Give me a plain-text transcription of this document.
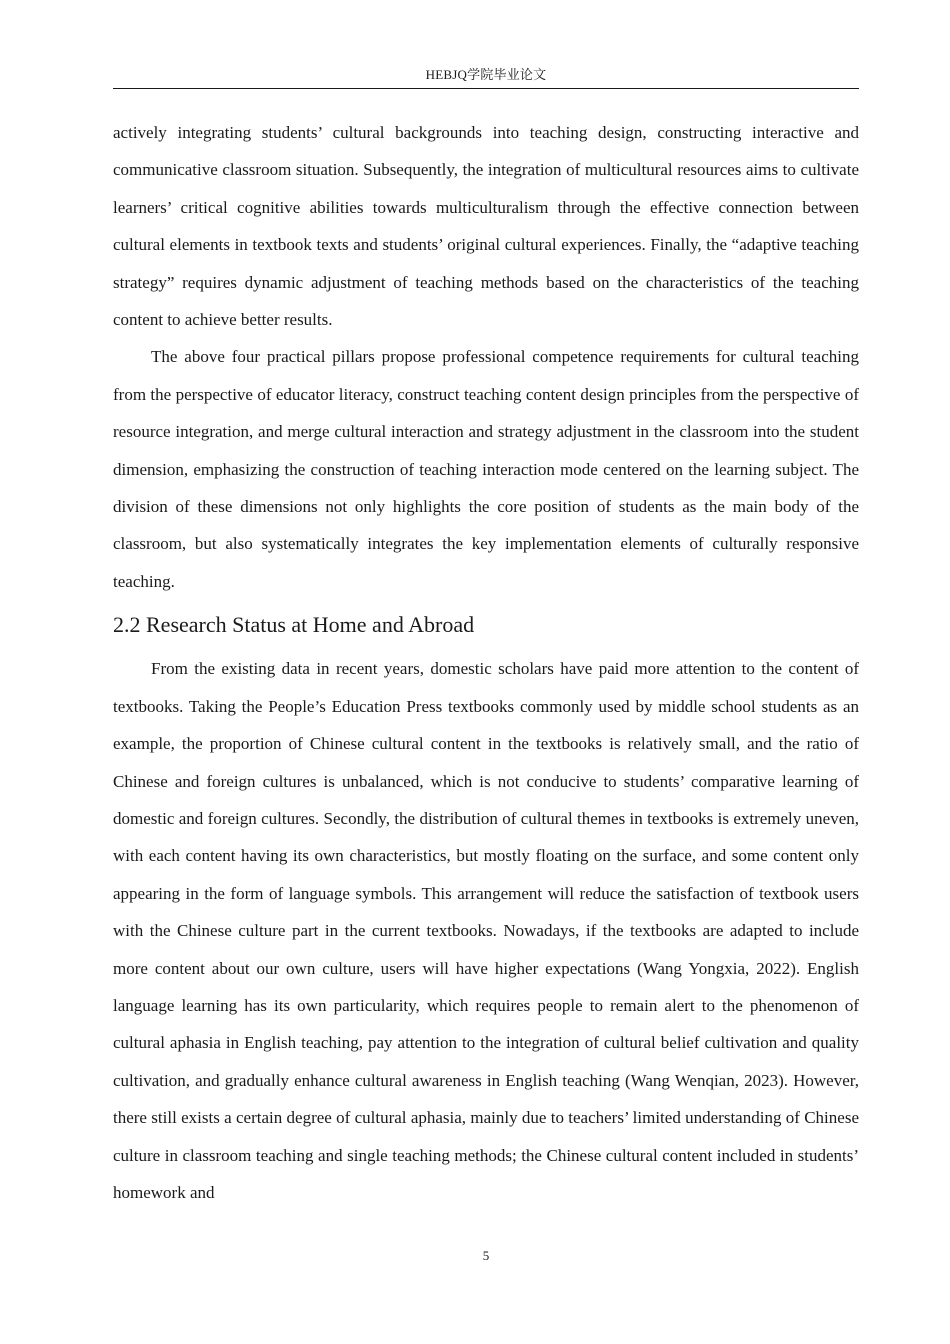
HEBJQ学院毕业论文

actively integrating students’ cultural backgrounds into teaching design, constructing interactive and communicative classroom situation. Subsequently, the integration of multicultural resources aims to cultivate learners’ critical cognitive abilities towards multiculturalism through the effective connection between cultural elements in textbook texts and students’ original cultural experiences. Finally, the “adaptive teaching strategy” requires dynamic adjustment of teaching methods based on the characteristics of the teaching content to achieve better results.

The above four practical pillars propose professional competence requirements for cultural teaching from the perspective of educator literacy, construct teaching content design principles from the perspective of resource integration, and merge cultural interaction and strategy adjustment in the classroom into the student dimension, emphasizing the construction of teaching interaction mode centered on the learning subject. The division of these dimensions not only highlights the core position of students as the main body of the classroom, but also systematically integrates the key implementation elements of culturally responsive teaching.

2.2 Research Status at Home and Abroad

From the existing data in recent years, domestic scholars have paid more attention to the content of textbooks. Taking the People’s Education Press textbooks commonly used by middle school students as an example, the proportion of Chinese cultural content in the textbooks is relatively small, and the ratio of Chinese and foreign cultures is unbalanced, which is not conducive to students’ comparative learning of domestic and foreign cultures. Secondly, the distribution of cultural themes in textbooks is extremely uneven, with each content having its own characteristics, but mostly floating on the surface, and some content only appearing in the form of language symbols. This arrangement will reduce the satisfaction of textbook users with the Chinese culture part in the current textbooks. Nowadays, if the textbooks are adapted to include more content about our own culture, users will have higher expectations (Wang Yongxia, 2022). English language learning has its own particularity, which requires people to remain alert to the phenomenon of cultural aphasia in English teaching, pay attention to the integration of cultural belief cultivation and quality cultivation, and gradually enhance cultural awareness in English teaching (Wang Wenqian, 2023). However, there still exists a certain degree of cultural aphasia, mainly due to teachers’ limited understanding of Chinese culture in classroom teaching and single teaching methods; the Chinese cultural content included in students’ homework and

5
